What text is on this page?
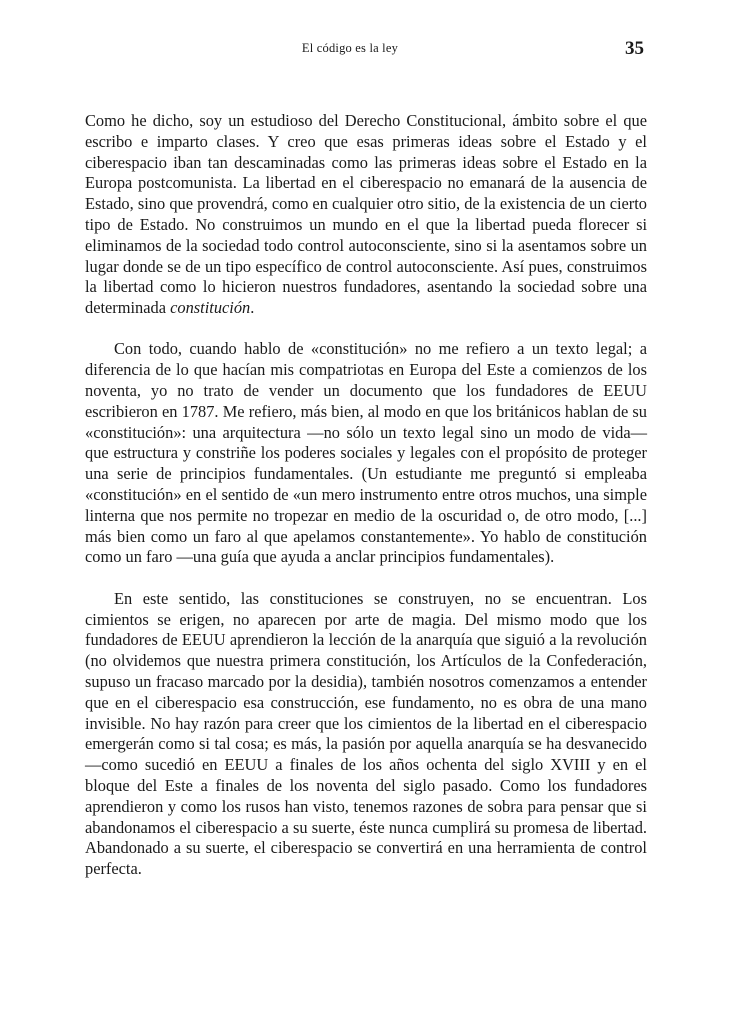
El código es la ley	35

Como he dicho, soy un estudioso del Derecho Constitucional, ámbito sobre el que escribo e imparto clases. Y creo que esas primeras ideas sobre el Estado y el ciberespacio iban tan descaminadas como las primeras ideas sobre el Estado en la Europa postcomunista. La libertad en el ciberespacio no emanará de la ausencia de Estado, sino que provendrá, como en cualquier otro sitio, de la existencia de un cierto tipo de Estado. No construimos un mundo en el que la libertad pueda florecer si eliminamos de la sociedad todo control autoconsciente, sino si la asentamos sobre un lugar donde se de un tipo específico de control autoconsciente. Así pues, construimos la libertad como lo hicieron nuestros fundadores, asentando la sociedad sobre una determinada constitución.

Con todo, cuando hablo de «constitución» no me refiero a un texto legal; a diferencia de lo que hacían mis compatriotas en Europa del Este a comienzos de los noventa, yo no trato de vender un documento que los fundadores de EEUU escribieron en 1787. Me refiero, más bien, al modo en que los británicos hablan de su «constitución»: una arquitectura —no sólo un texto legal sino un modo de vida— que estructura y constriñe los poderes sociales y legales con el propósito de proteger una serie de principios fundamentales. (Un estudiante me preguntó si empleaba «constitución» en el sentido de «un mero instrumento entre otros muchos, una simple linterna que nos permite no tropezar en medio de la oscuridad o, de otro modo, [...] más bien como un faro al que apelamos constantemente». Yo hablo de constitución como un faro —una guía que ayuda a anclar principios fundamentales).

En este sentido, las constituciones se construyen, no se encuentran. Los cimientos se erigen, no aparecen por arte de magia. Del mismo modo que los fundadores de EEUU aprendieron la lección de la anarquía que siguió a la revolución (no olvidemos que nuestra primera constitución, los Artículos de la Confederación, supuso un fracaso marcado por la desidia), también nosotros comenzamos a entender que en el ciberespacio esa construcción, ese fundamento, no es obra de una mano invisible. No hay razón para creer que los cimientos de la libertad en el ciberespacio emergerán como si tal cosa; es más, la pasión por aquella anarquía se ha desvanecido —como sucedió en EEUU a finales de los años ochenta del siglo XVIII y en el bloque del Este a finales de los noventa del siglo pasado. Como los fundadores aprendieron y como los rusos han visto, tenemos razones de sobra para pensar que si abandonamos el ciberespacio a su suerte, éste nunca cumplirá su promesa de libertad. Abandonado a su suerte, el ciberespacio se convertirá en una herramienta de control perfecta.
